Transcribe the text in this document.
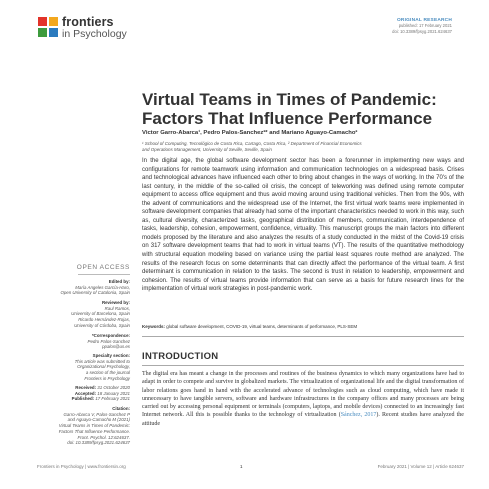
frontiers
in Psychology
ORIGINAL RESEARCH
published: 17 February 2021
doi: 10.3389/fpsyg.2021.624637
Virtual Teams in Times of Pandemic: Factors That Influence Performance
Victor Garro-Abarca¹, Pedro Palos-Sanchez²* and Mariano Aguayo-Camacho²
¹ School of Computing, Tecnológico de Costa Rica, Cartago, Costa Rica, ² Department of Financial Economics
and Operations Management, University of Seville, Seville, Spain
In the digital age, the global software development sector has been a forerunner in implementing new ways and configurations for remote teamwork using information and communication technologies on a widespread basis. Crises and technological advances have influenced each other to bring about changes in the ways of working. In the 70's of the last century, in the middle of the so-called oil crisis, the concept of teleworking was defined using remote computer equipment to access office equipment and thus avoid moving around using traditional vehicles. Then from the 90s, with the advent of communications and the widespread use of the Internet, the first virtual work teams were implemented in software development companies that already had some of the important characteristics needed to work in this way, such as, cultural diversity, characterized tasks, geographical distribution of members, communication, interdependence of tasks, leadership, cohesion, empowerment, confidence, virtuality. This manuscript groups the main factors into different models proposed by the literature and also analyzes the results of a study conducted in the midst of the Covid-19 crisis on 317 software development teams that had to work in virtual teams (VT). The results of the quantitative methodology with structural equation modeling based on variance using the partial least squares route method are analyzed. The results of the research focus on some determinants that can directly affect the performance of the virtual team. A first determinant is communication in relation to the tasks. The second is trust in relation to leadership, empowerment and cohesion. The results of virtual teams provide information that can serve as a basis for future research lines for the implementation of virtual work strategies in post-pandemic work.
Keywords: global software development, COVID-19, virtual teams, determinants of performance, PLS-SEM
INTRODUCTION
The digital era has meant a change in the processes and routines of the business dynamics to which many organizations have had to adapt in order to compete and survive in globalized markets. The virtualization of organizational life and the digital transformation of labor relations goes hand in hand with the accelerated advance of technologies such as cloud computing, which have made it unnecessary to have tangible servers, software and hardware infrastructures in the company offices and many processes are being carried out by accessing personal equipment or terminals (computers, laptops, and mobile devices) connected to an increasingly fast Internet network. All this is possible thanks to the technology of virtualization (Sánchez, 2017). Recent studies have analyzed the attitude
OPEN ACCESS
Edited by:
María Angeles García-Haro,
Open University of Catalonia, Spain
Reviewed by:
Raul Ramos,
University of Barcelona, Spain
Ricardo Hernández-Rojas,
University of Córdoba, Spain
*Correspondence:
Pedro Palos-Sanchez
ppalos@us.es
Specialty section:
This article was submitted to
Organizational Psychology,
a section of the journal
Frontiers in Psychology
Received: 31 October 2020
Accepted: 18 January 2021
Published: 17 February 2021
Citation:
Garro-Abarca V, Palos-Sanchez P
and Aguayo-Camacho M (2021)
Virtual Teams in Times of Pandemic:
Factors That Influence Performance.
Front. Psychol. 12:624637.
doi: 10.3389/fpsyg.2021.624637
Frontiers in Psychology | www.frontiersin.org	1	February 2021 | Volume 12 | Article 624637
